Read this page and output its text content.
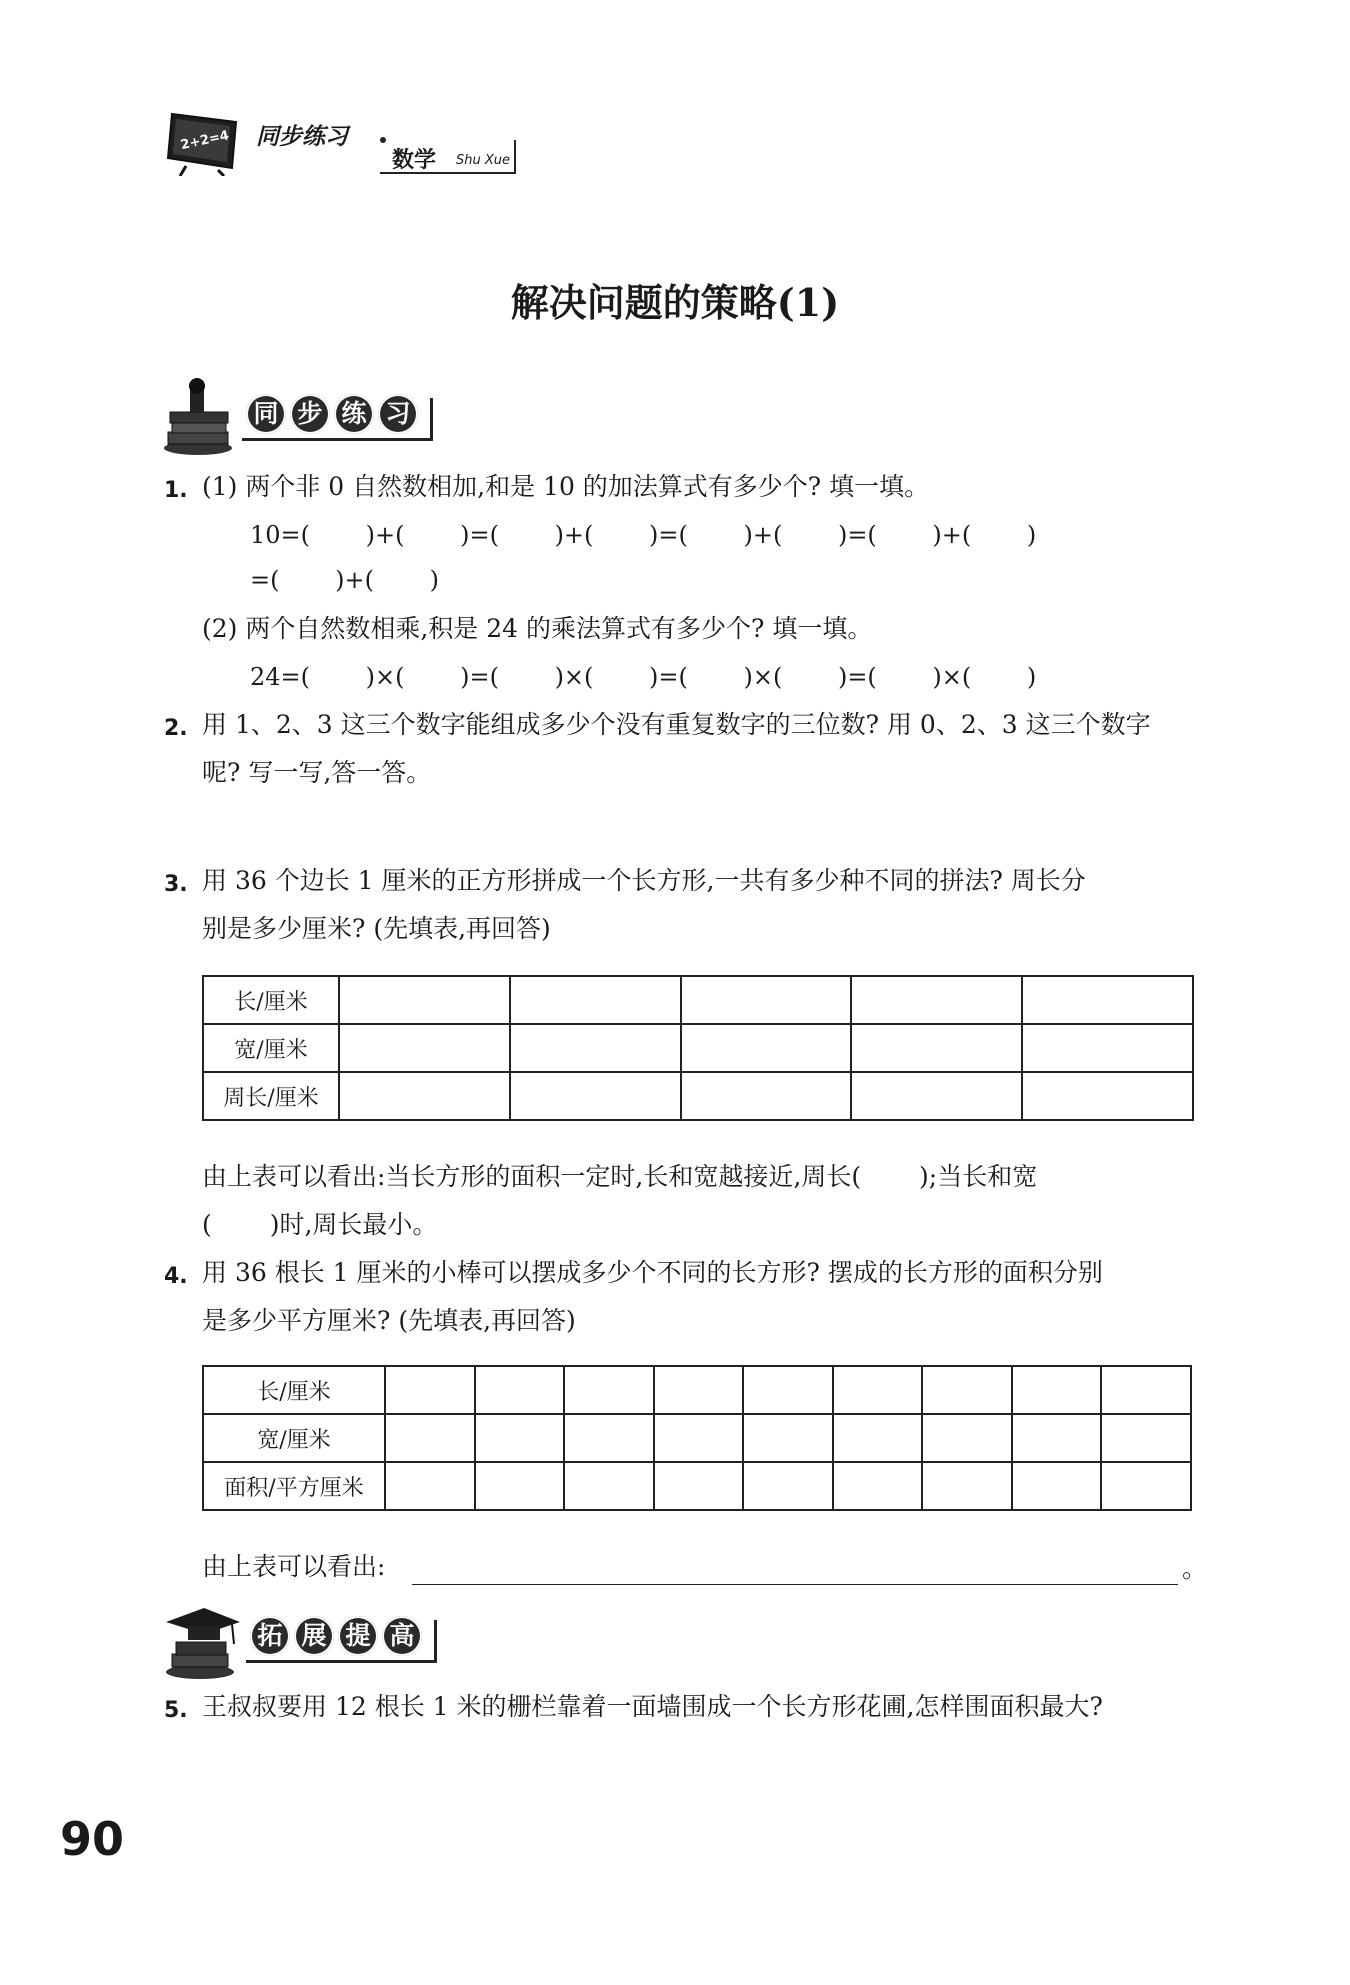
2+2=4 同步练习
数学 Shu Xue
解决问题的策略(1)
同 步 练 习
1. (1) 两个非 0 自然数相加,和是 10 的加法算式有多少个? 填一填。
10=(　　 )+(　　 )=(　　 )+(　　 )=(　　 )+(　　 )=(　　 )+(　　 )
=(　　 )+(　　 )
(2) 两个自然数相乘,积是 24 的乘法算式有多少个? 填一填。
24=(　　 )×(　　 )=(　　 )×(　　 )=(　　 )×(　　 )=(　　 )×(　　 )
2. 用 1、2、3 这三个数字能组成多少个没有重复数字的三位数? 用 0、2、3 这三个数字
呢? 写一写,答一答。
3. 用 36 个边长 1 厘米的正方形拼成一个长方形,一共有多少种不同的拼法? 周长分
别是多少厘米? (先填表,再回答)
长/厘米					
宽/厘米					
周长/厘米					
由上表可以看出:当长方形的面积一定时,长和宽越接近,周长(　　 );当长和宽
(　　 )时,周长最小。
4. 用 36 根长 1 厘米的小棒可以摆成多少个不同的长方形? 摆成的长方形的面积分别
是多少平方厘米? (先填表,再回答)
长/厘米									
宽/厘米									
面积/平方厘米									
由上表可以看出:	。
拓 展 提 高
5. 王叔叔要用 12 根长 1 米的栅栏靠着一面墙围成一个长方形花圃,怎样围面积最大?
90
